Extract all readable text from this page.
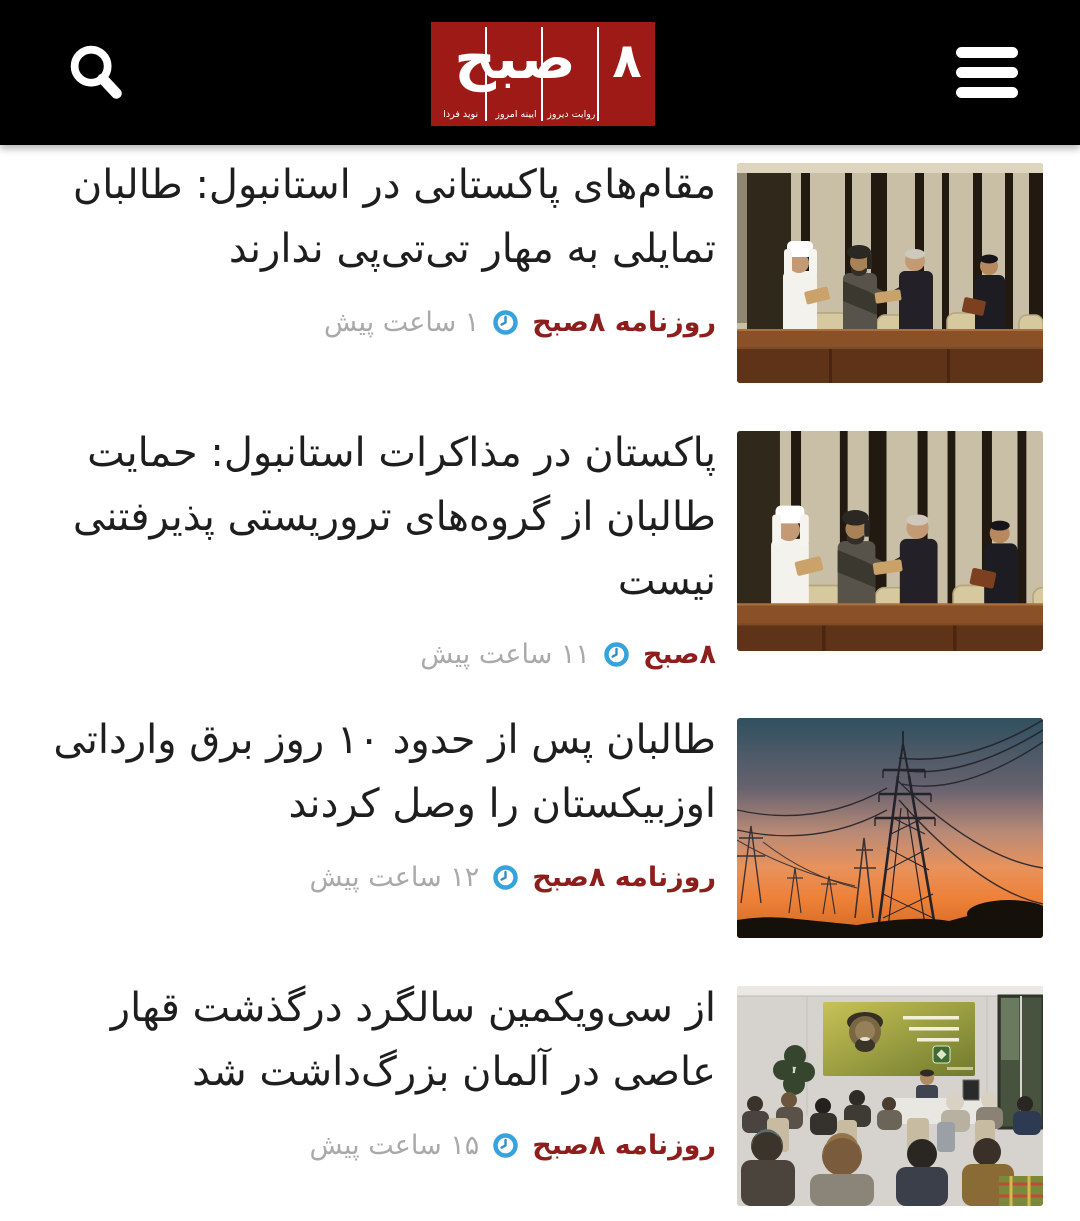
۸
صبح
روایت دیروز
آیینه امروز
نوید فردا
مقام‌های پاکستانی در استانبول: طالبان تمایلی به مهار تی‌تی‌پی ندارند
روزنامه ۸صبح
۱ ساعت پیش
پاکستان در مذاکرات استانبول: حمایت طالبان از گروه‌های تروریستی پذیرفتنی نیست
۸صبح
۱۱ ساعت پیش
طالبان پس از حدود ۱۰ روز برق وارداتی اوزبیکستان را وصل کردند
روزنامه ۸صبح
۱۲ ساعت پیش
از سی‌ویکمین سالگرد درگذشت قهار عاصی در آلمان بزرگ‌داشت شد
روزنامه ۸صبح
۱۵ ساعت پیش
